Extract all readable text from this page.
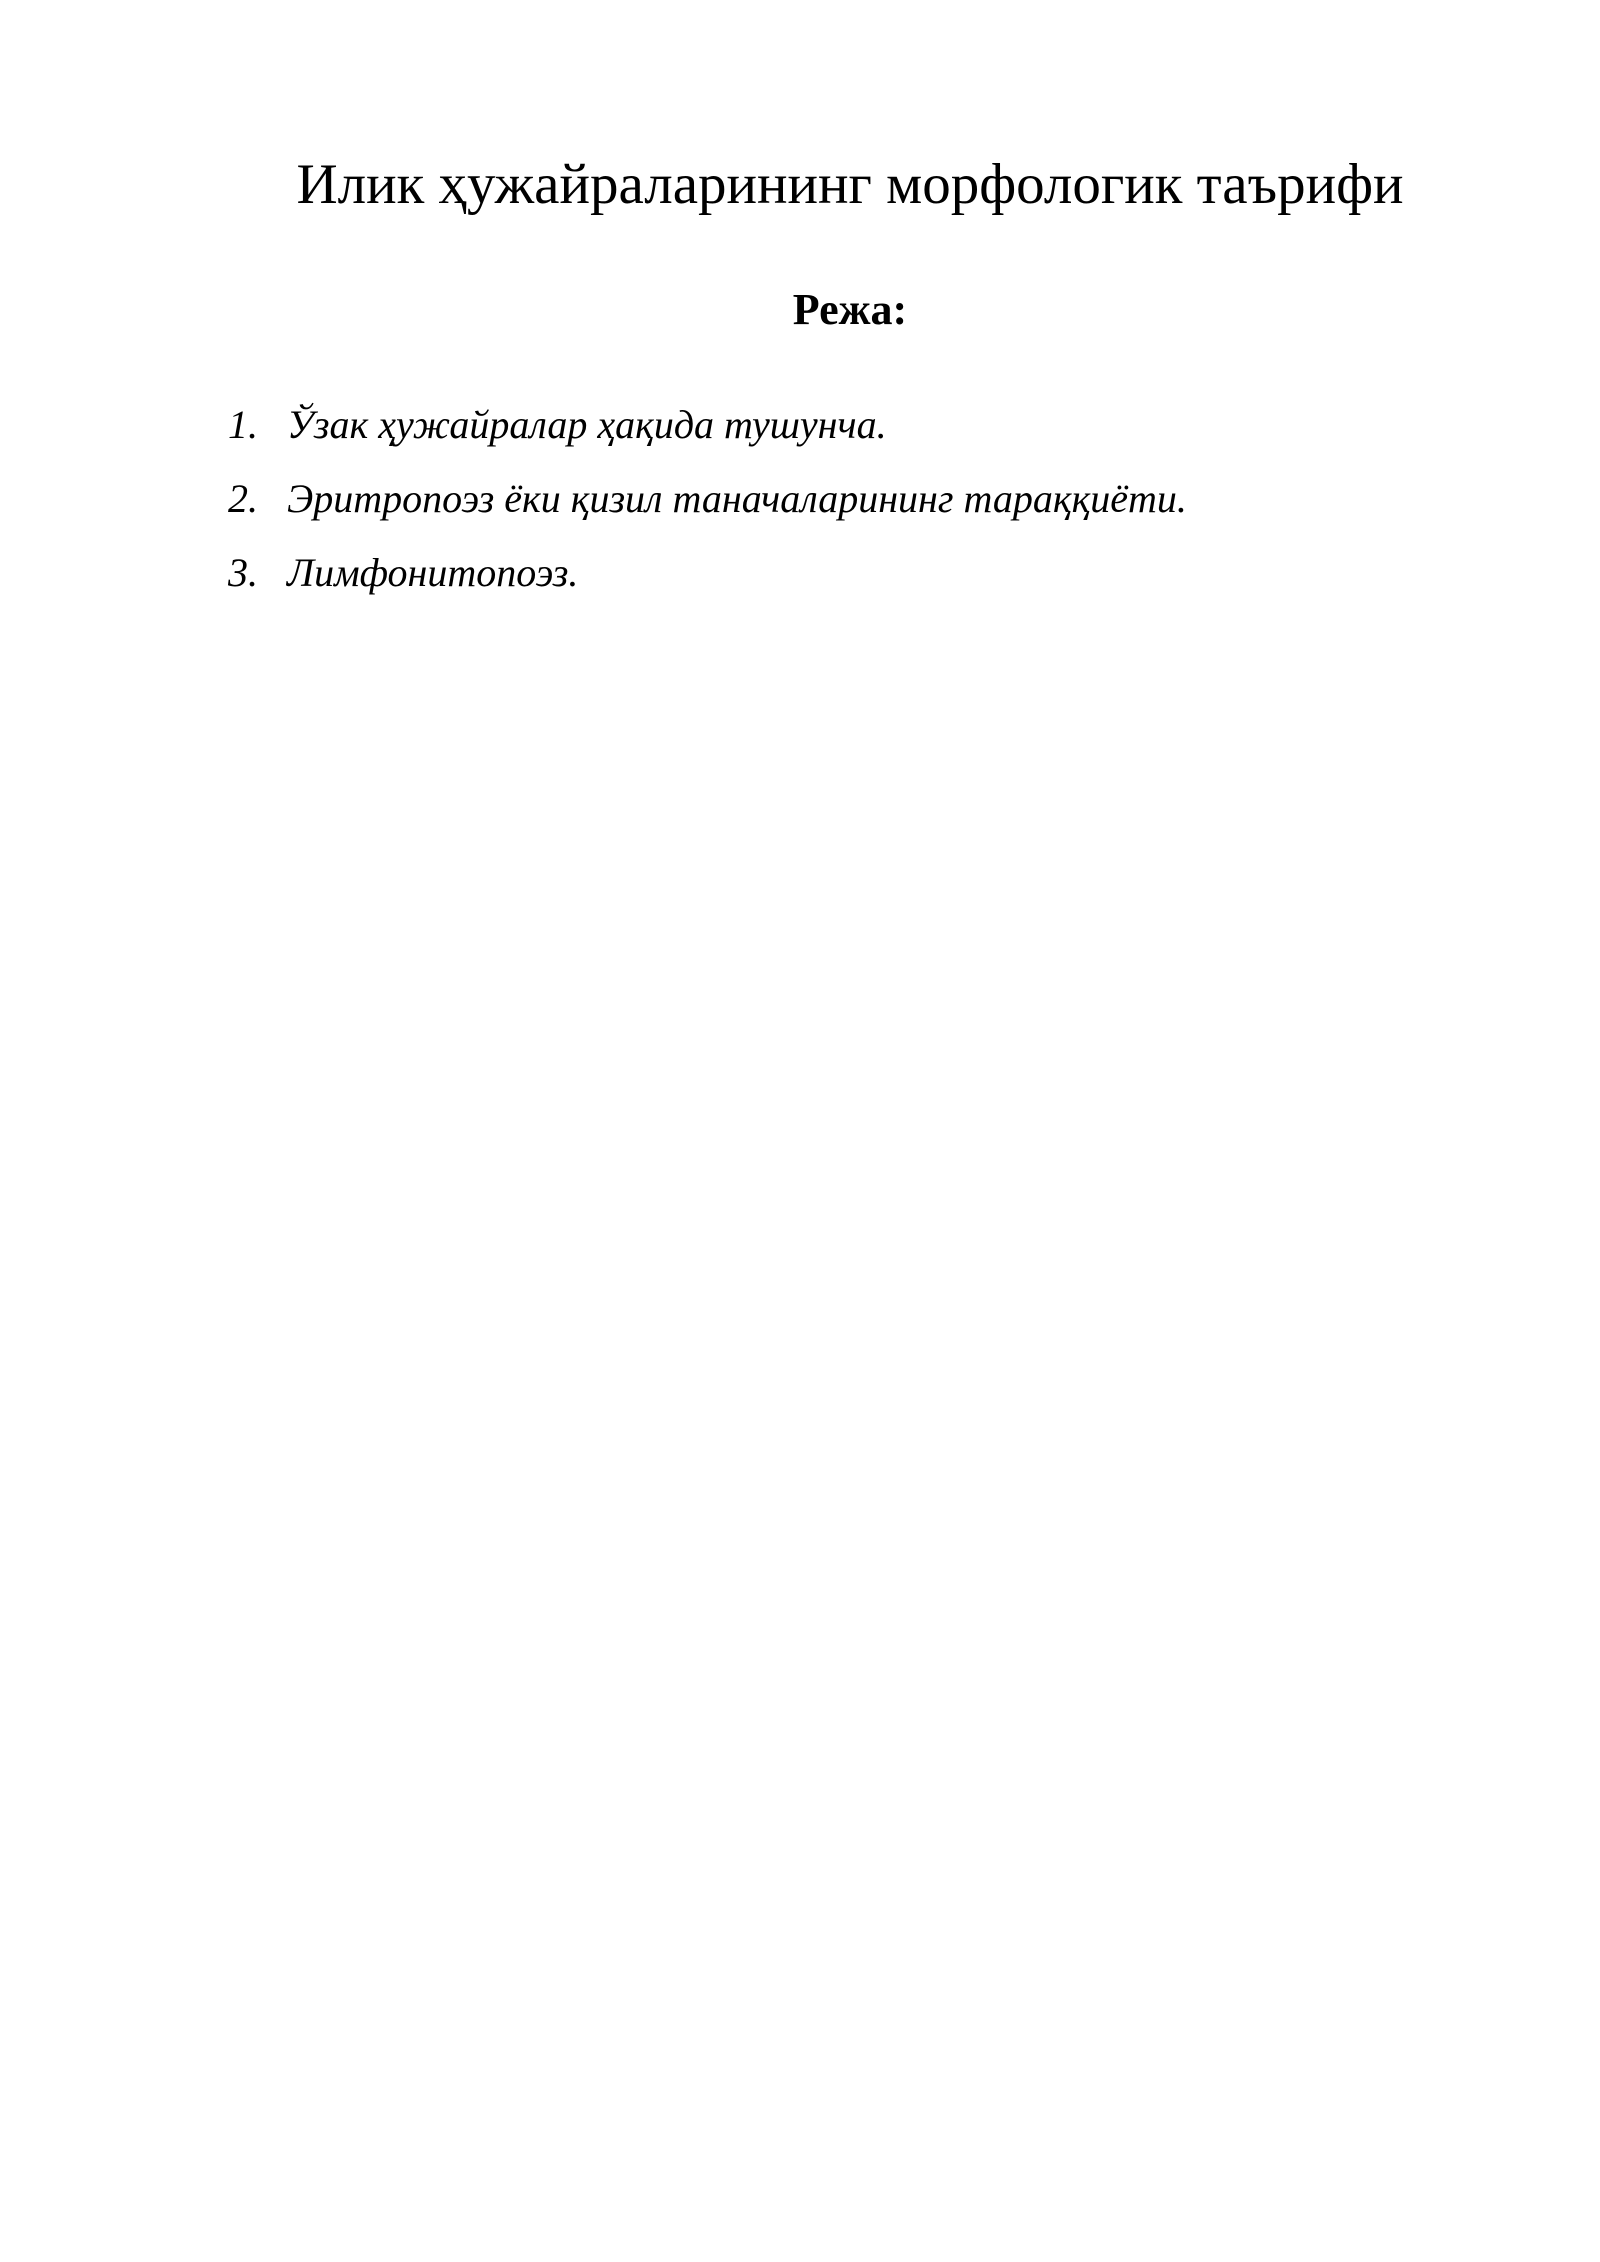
Илик ҳужайраларининг морфологик таърифи
Режа:
1. Ўзак ҳужайралар ҳақида тушунча.
2. Эритропоэз ёки қизил таначаларининг тараққиёти.
3. Лимфонитопоэз.
